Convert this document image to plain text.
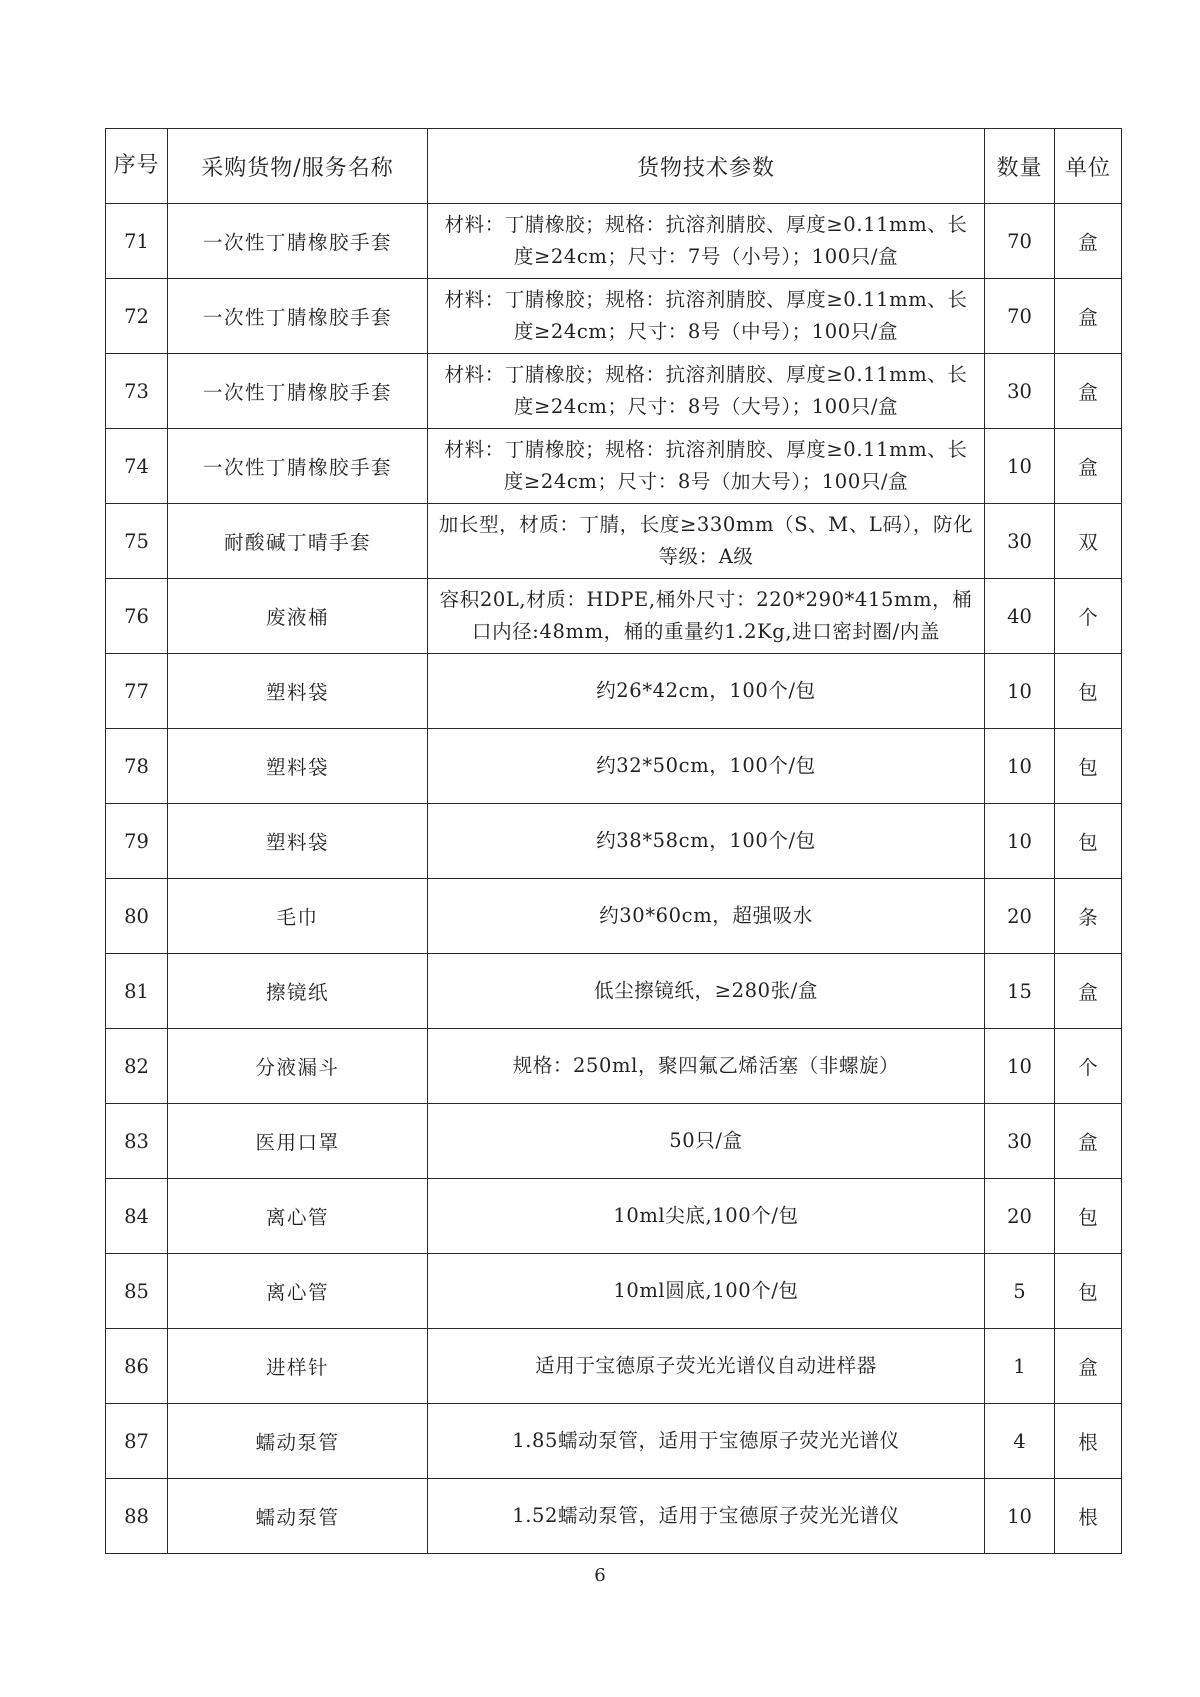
序号	采购货物/服务名称	货物技术参数	数量	单位
71	一次性丁腈橡胶手套	材料：丁腈橡胶；规格：抗溶剂腈胶、厚度≥0.11mm、长度≥24cm；尺寸：7号（小号）；100只/盒	70	盒
72	一次性丁腈橡胶手套	材料：丁腈橡胶；规格：抗溶剂腈胶、厚度≥0.11mm、长度≥24cm；尺寸：8号（中号）；100只/盒	70	盒
73	一次性丁腈橡胶手套	材料：丁腈橡胶；规格：抗溶剂腈胶、厚度≥0.11mm、长度≥24cm；尺寸：8号（大号）；100只/盒	30	盒
74	一次性丁腈橡胶手套	材料：丁腈橡胶；规格：抗溶剂腈胶、厚度≥0.11mm、长度≥24cm；尺寸：8号（加大号）；100只/盒	10	盒
75	耐酸碱丁晴手套	加长型，材质：丁腈，长度≥330mm（S、M、L码），防化等级：A级	30	双
76	废液桶	容积20L,材质：HDPE,桶外尺寸：220*290*415mm，桶口内径:48mm，桶的重量约1.2Kg,进口密封圈/内盖	40	个
77	塑料袋	约26*42cm，100个/包	10	包
78	塑料袋	约32*50cm，100个/包	10	包
79	塑料袋	约38*58cm，100个/包	10	包
80	毛巾	约30*60cm，超强吸水	20	条
81	擦镜纸	低尘擦镜纸，≥280张/盒	15	盒
82	分液漏斗	规格：250ml，聚四氟乙烯活塞（非螺旋）	10	个
83	医用口罩	50只/盒	30	盒
84	离心管	10ml尖底,100个/包	20	包
85	离心管	10ml圆底,100个/包	5	包
86	进样针	适用于宝德原子荧光光谱仪自动进样器	1	盒
87	蠕动泵管	1.85蠕动泵管，适用于宝德原子荧光光谱仪	4	根
88	蠕动泵管	1.52蠕动泵管，适用于宝德原子荧光光谱仪	10	根
6
